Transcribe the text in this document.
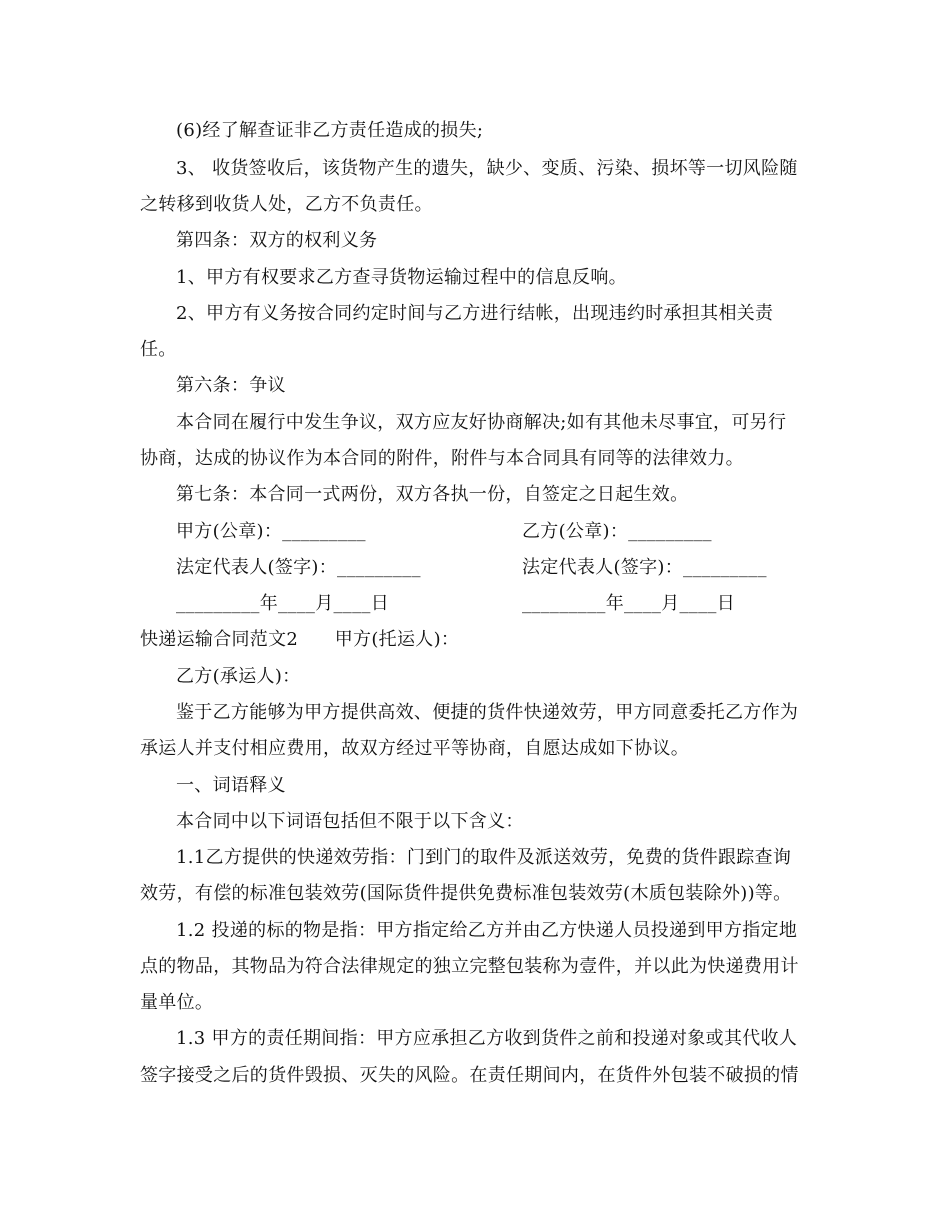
(6)经了解查证非乙方责任造成的损失;
3、 收货签收后，该货物产生的遗失，缺少、变质、污染、损坏等一切风险随
之转移到收货人处，乙方不负责任。
第四条：双方的权利义务
1、甲方有权要求乙方查寻货物运输过程中的信息反响。
2、甲方有义务按合同约定时间与乙方进行结帐，出现违约时承担其相关责
任。
第六条：争议
本合同在履行中发生争议，双方应友好协商解决;如有其他未尽事宜，可另行
协商，达成的协议作为本合同的附件，附件与本合同具有同等的法律效力。
第七条：本合同一式两份，双方各执一份，自签定之日起生效。
甲方(公章)：_________	乙方(公章)：_________
法定代表人(签字)：_________	法定代表人(签字)：_________
_________年____月____日	_________年____月____日
快递运输合同范文2　　甲方(托运人)：
乙方(承运人)：
鉴于乙方能够为甲方提供高效、便捷的货件快递效劳，甲方同意委托乙方作为
承运人并支付相应费用，故双方经过平等协商，自愿达成如下协议。
一、词语释义
本合同中以下词语包括但不限于以下含义：
1.1乙方提供的快递效劳指：门到门的取件及派送效劳，免费的货件跟踪查询
效劳，有偿的标准包装效劳(国际货件提供免费标准包装效劳(木质包装除外))等。
1.2 投递的标的物是指：甲方指定给乙方并由乙方快递人员投递到甲方指定地
点的物品，其物品为符合法律规定的独立完整包装称为壹件，并以此为快递费用计
量单位。
1.3 甲方的责任期间指：甲方应承担乙方收到货件之前和投递对象或其代收人
签字接受之后的货件毁损、灭失的风险。在责任期间内，在货件外包装不破损的情
